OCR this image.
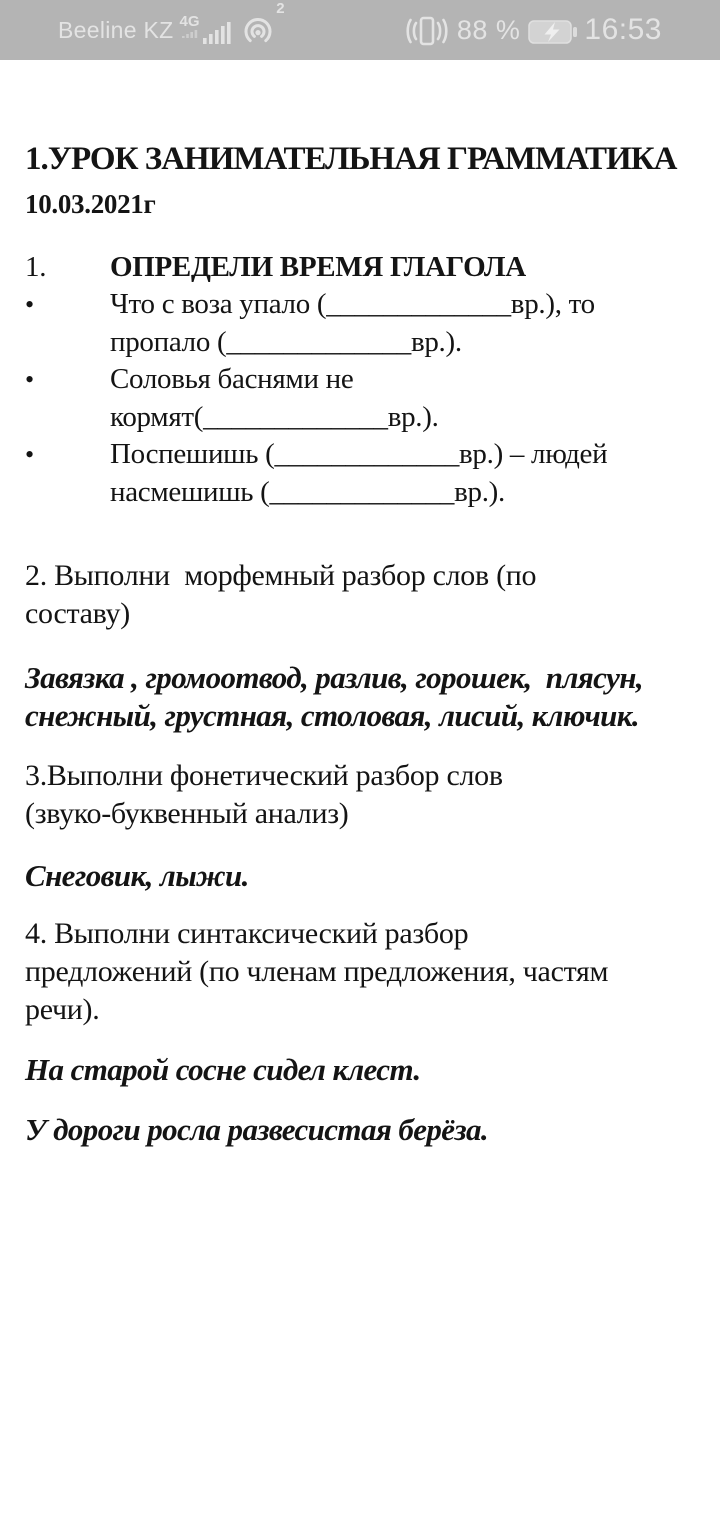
Beeline KZ 4G
2
88 % 16:53
1.УРОК ЗАНИМАТЕЛЬНАЯ ГРАММАТИКА
10.03.2021г
1.	ОПРЕДЕЛИ ВРЕМЯ ГЛАГОЛА
•	Что с воза упало (_____________вр.), то
пропало (_____________вр.).
•	Соловья баснями не
кормят(_____________вр.).
•	Поспешишь (_____________вр.) – людей
насмешишь (_____________вр.).
2. Выполни  морфемный разбор слов (по
составу)
Завязка , громоотвод, разлив, горошек,  плясун,
снежный, грустная, столовая, лисий, ключик.
3.Выполни фонетический разбор слов
(звуко-буквенный анализ)
Снеговик, лыжи.
4. Выполни синтаксический разбор
предложений (по членам предложения, частям
речи).
На старой сосне сидел клест.
У дороги росла развесистая берёза.
